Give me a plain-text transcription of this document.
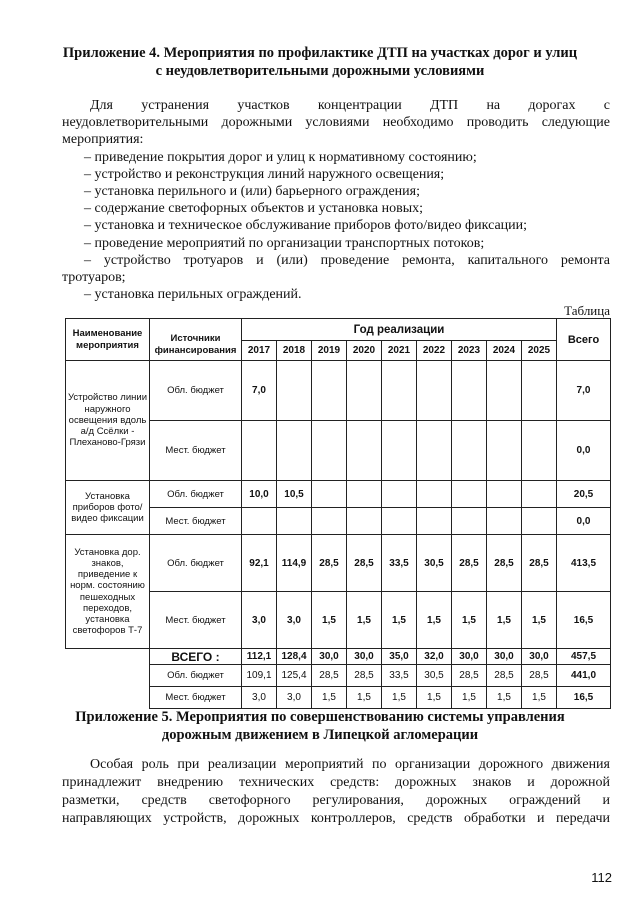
Приложение 4. Мероприятия по профилактике ДТП на участках дорог и улиц
с неудовлетворительными дорожными условиями
Для устранения участков концентрации ДТП на дорогах с
неудовлетворительными дорожными условиями необходимо проводить следующие
мероприятия:
– приведение покрытия дорог и улиц к нормативному состоянию;
– устройство и реконструкция линий наружного освещения;
– установка перильного и (или) барьерного ограждения;
– содержание светофорных объектов и установка новых;
– установка и техническое обслуживание приборов фото/видео фиксации;
– проведение мероприятий по организации транспортных потоков;
– устройство тротуаров и (или) проведение ремонта, капитального ремонта
тротуаров;
– установка перильных ограждений.
Таблица
Наименование мероприятия	Источники финансирования	Год реализации									Всего
		2017	2018	2019	2020	2021	2022	2023	2024	2025	
Устройство линии наружного освещения вдоль а/д Ссёлки - Плеханово-Грязи	Обл. бюджет	7,0									7,0
	Мест. бюджет										0,0
Установка приборов фото/видео фиксации	Обл. бюджет	10,0	10,5								20,5
	Мест. бюджет										0,0
Установка дор. знаков, приведение к норм. состоянию пешеходных переходов, установка светофоров Т-7	Обл. бюджет	92,1	114,9	28,5	28,5	33,5	30,5	28,5	28,5	28,5	413,5
	Мест. бюджет	3,0	3,0	1,5	1,5	1,5	1,5	1,5	1,5	1,5	16,5
	ВСЕГО :	112,1	128,4	30,0	30,0	35,0	32,0	30,0	30,0	30,0	457,5
	Обл. бюджет	109,1	125,4	28,5	28,5	33,5	30,5	28,5	28,5	28,5	441,0
	Мест. бюджет	3,0	3,0	1,5	1,5	1,5	1,5	1,5	1,5	1,5	16,5
Приложение 5. Мероприятия по совершенствованию системы управления
дорожным движением в Липецкой агломерации
Особая роль при реализации мероприятий по организации дорожного движения
принадлежит внедрению технических средств: дорожных знаков и дорожной
разметки, средств светофорного регулирования, дорожных ограждений и
направляющих устройств, дорожных контроллеров, средств обработки и передачи
112
